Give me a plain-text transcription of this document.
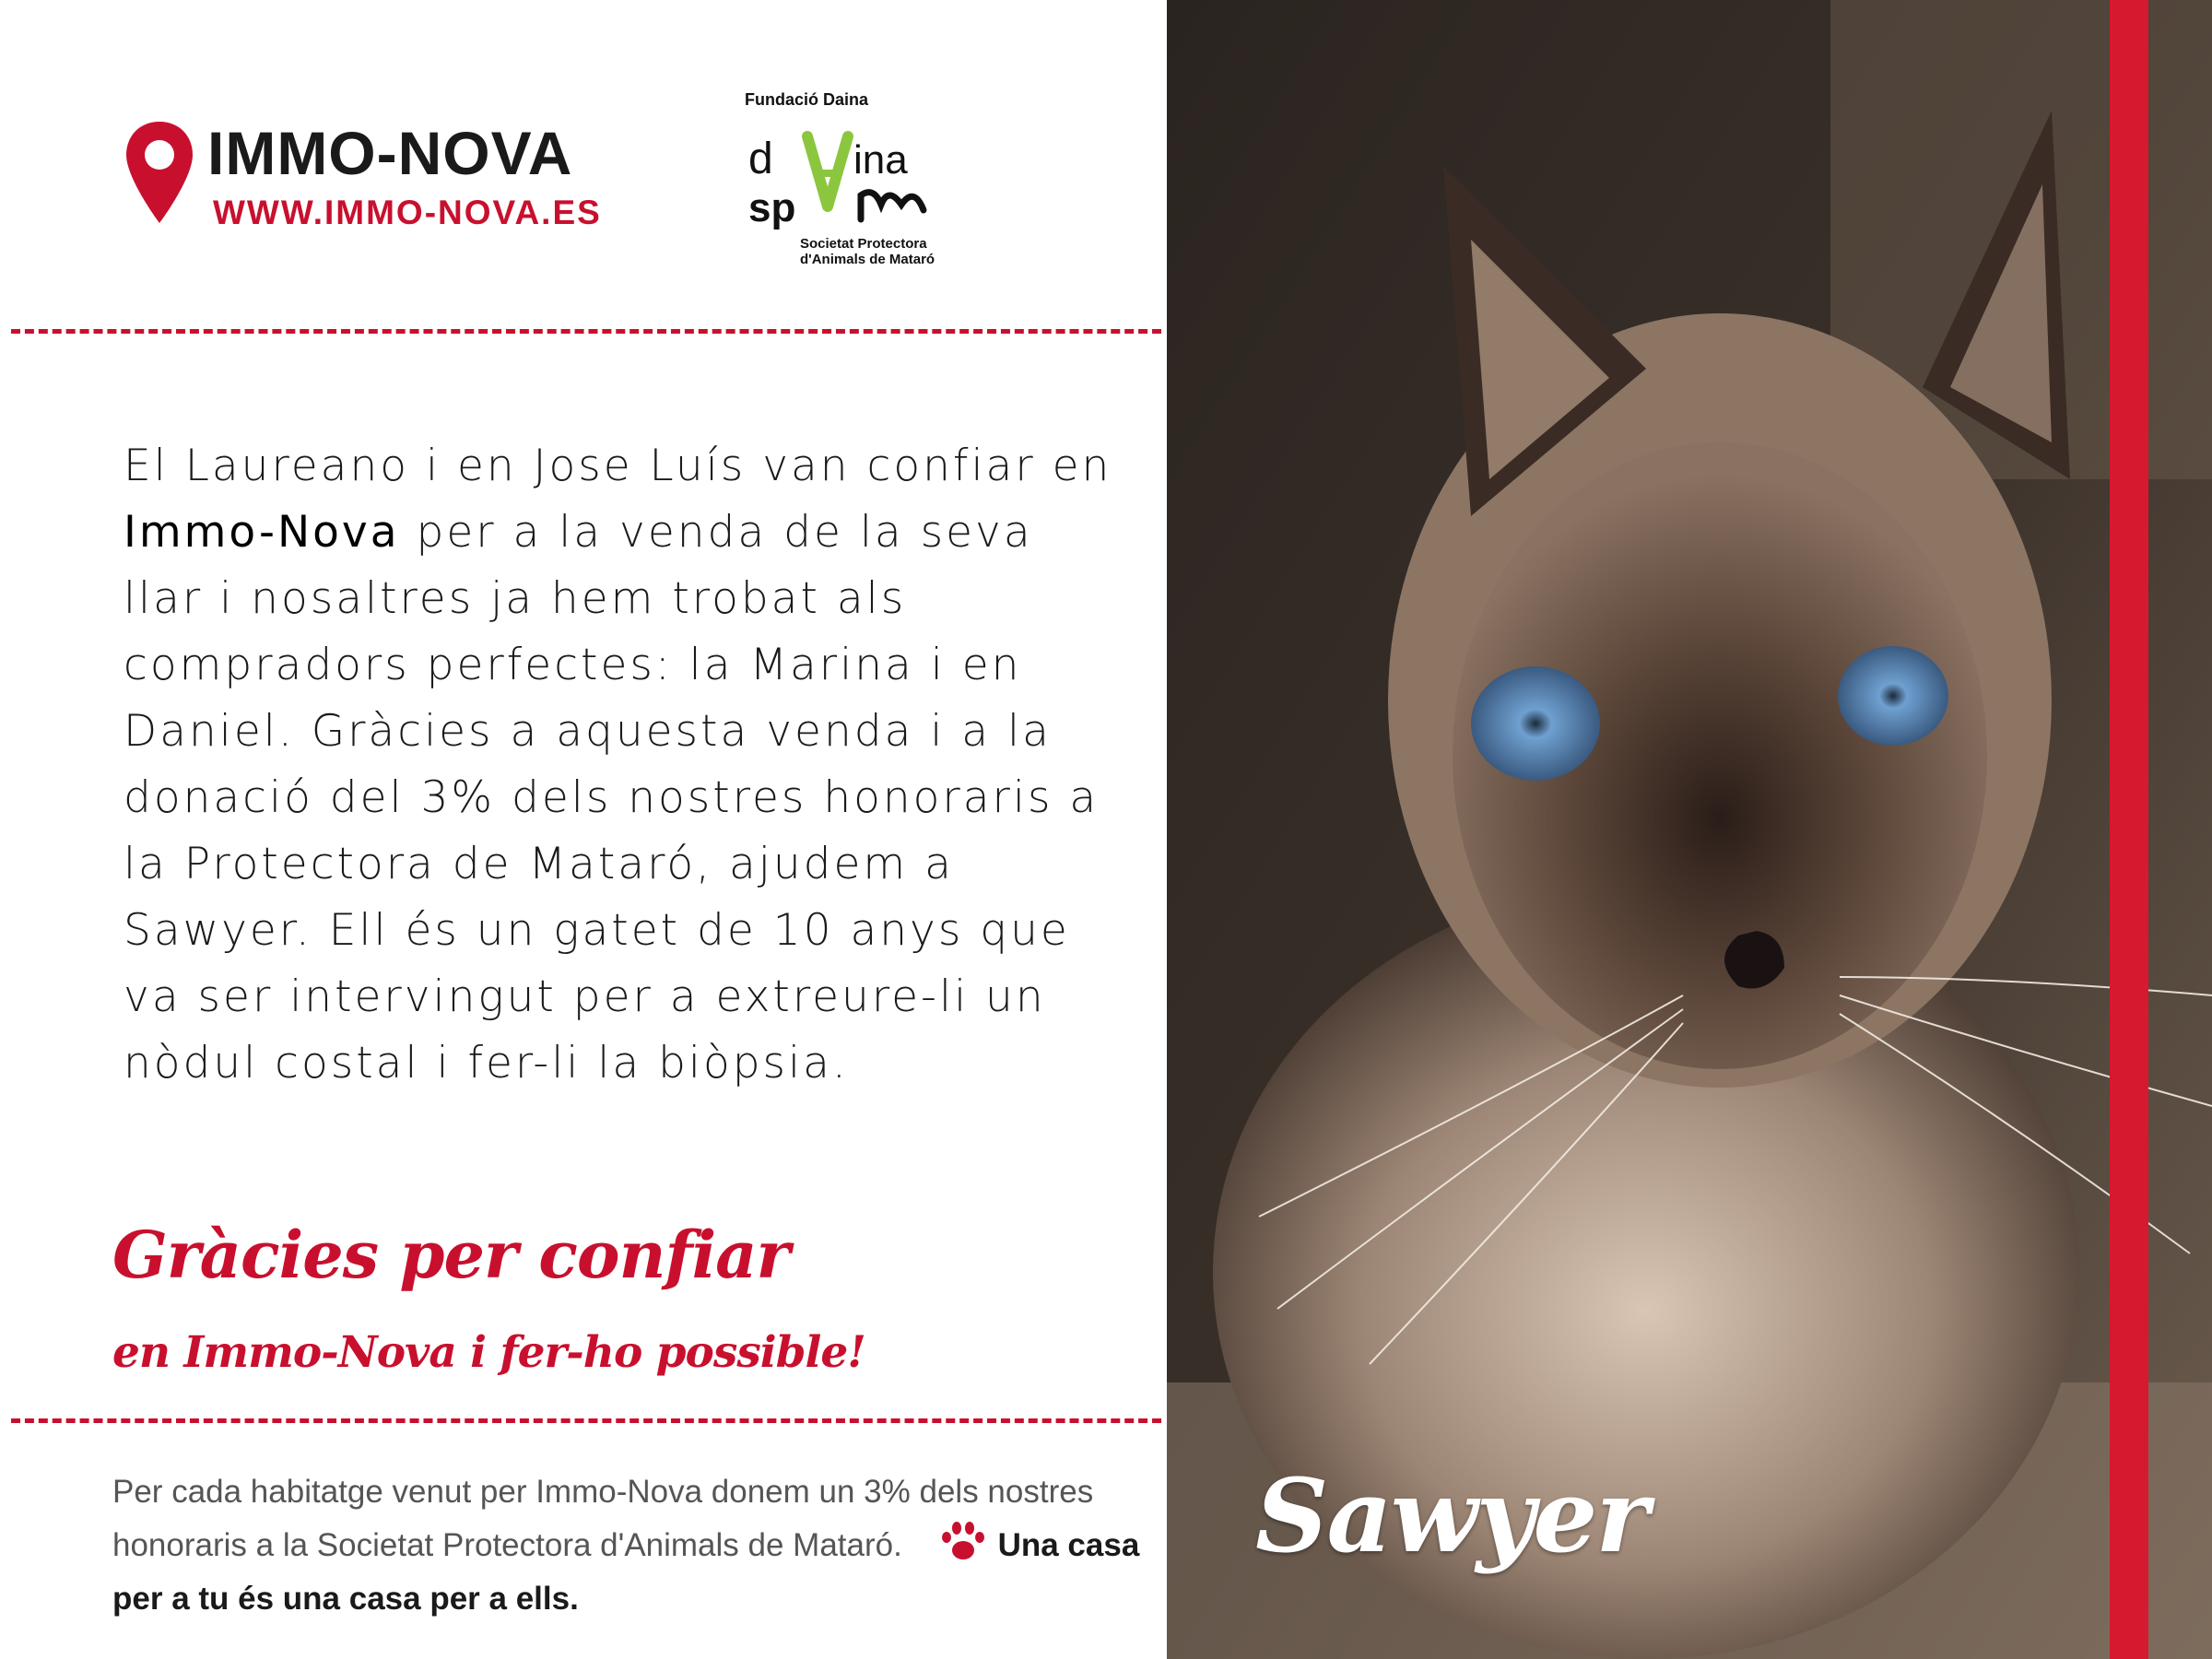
IMMO-NOVA
WWW.IMMO-NOVA.ES
Fundació Daina
d ina
sp
Societat Protectora
d'Animals de Mataró
El Laureano i en Jose Luís van confiar en Immo-Nova per a la venda de la seva llar i nosaltres ja hem trobat als compradors perfectes: la Marina i en Daniel. Gràcies a aquesta venda i a la donació del 3% dels nostres honoraris a la Protectora de Mataró, ajudem a Sawyer. Ell és un gatet de 10 anys que va ser intervingut per a extreure-li un nòdul costal i fer-li la biòpsia.
Gràcies per confiar
en Immo-Nova i fer-ho possible!
Per cada habitatge venut per Immo-Nova donem un 3% dels nostres honoraris a la Societat Protectora d'Animals de Mataró.	Una casa per a tu és una casa per a ells.
Sawyer
